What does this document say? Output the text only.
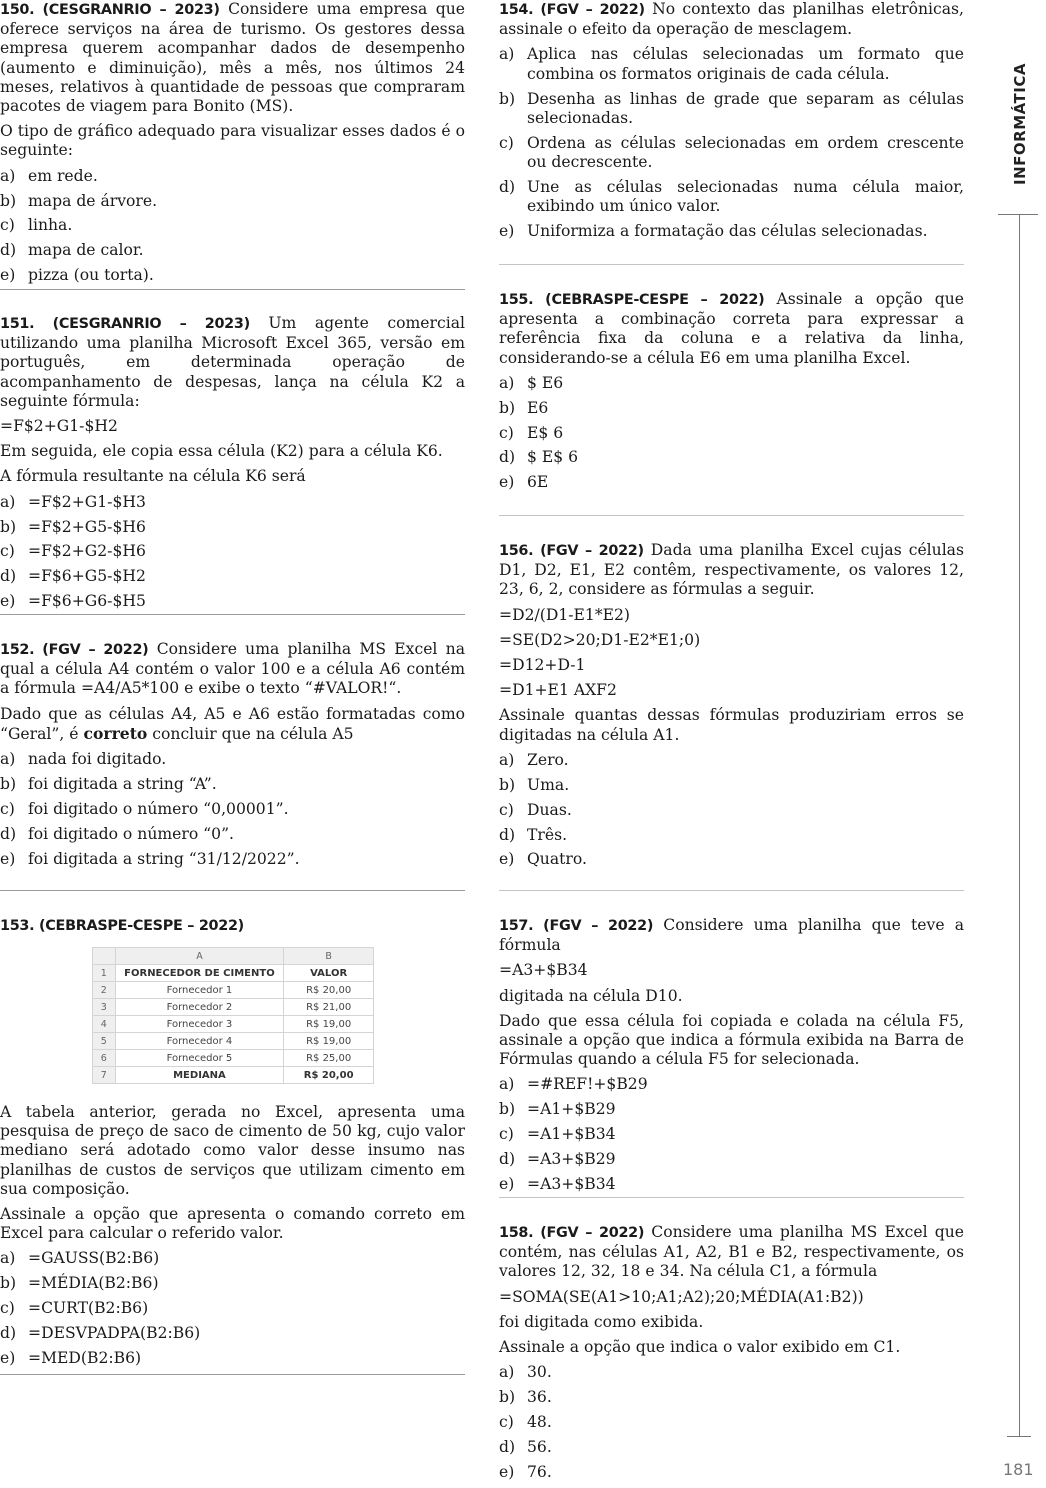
INFORMÁTICA
181

150. (CESGRANRIO – 2023) Considere uma empresa que oferece serviços na área de turismo. Os gestores dessa empresa querem acompanhar dados de desempenho (aumento e diminuição), mês a mês, nos últimos 24 meses, relativos à quantidade de pessoas que compraram pacotes de viagem para Bonito (MS).

O tipo de gráfico adequado para visualizar esses dados é o seguinte:

a) em rede.
b) mapa de árvore.
c) linha.
d) mapa de calor.
e) pizza (ou torta).

151. (CESGRANRIO – 2023) Um agente comercial utilizando uma planilha Microsoft Excel 365, versão em português, em determinada operação de acompanhamento de despesas, lança na célula K2 a seguinte fórmula:

=F$2+G1-$H2

Em seguida, ele copia essa célula (K2) para a célula K6.

A fórmula resultante na célula K6 será

a) =F$2+G1-$H3
b) =F$2+G5-$H6
c) =F$2+G2-$H6
d) =F$6+G5-$H2
e) =F$6+G6-$H5

152. (FGV – 2022) Considere uma planilha MS Excel na qual a célula A4 contém o valor 100 e a célula A6 contém a fórmula =A4/A5*100 e exibe o texto “#VALOR!“.

Dado que as células A4, A5 e A6 estão formatadas como “Geral”, é correto concluir que na célula A5

a) nada foi digitado.
b) foi digitada a string “A”.
c) foi digitado o número “0,00001”.
d) foi digitado o número “0”.
e) foi digitada a string “31/12/2022”.

153. (CEBRASPE-CESPE – 2022)

	A	B
1	FORNECEDOR DE CIMENTO	VALOR
2	Fornecedor 1	R$ 20,00
3	Fornecedor 2	R$ 21,00
4	Fornecedor 3	R$ 19,00
5	Fornecedor 4	R$ 19,00
6	Fornecedor 5	R$ 25,00
7	MEDIANA	R$ 20,00

A tabela anterior, gerada no Excel, apresenta uma pesquisa de preço de saco de cimento de 50 kg, cujo valor mediano será adotado como valor desse insumo nas planilhas de custos de serviços que utilizam cimento em sua composição.

Assinale a opção que apresenta o comando correto em Excel para calcular o referido valor.

a) =GAUSS(B2:B6)
b) =MÉDIA(B2:B6)
c) =CURT(B2:B6)
d) =DESVPADPA(B2:B6)
e) =MED(B2:B6)

154. (FGV – 2022) No contexto das planilhas eletrônicas, assinale o efeito da operação de mesclagem.

a) Aplica nas células selecionadas um formato que combina os formatos originais de cada célula.
b) Desenha as linhas de grade que separam as células selecionadas.
c) Ordena as células selecionadas em ordem crescente ou decrescente.
d) Une as células selecionadas numa célula maior, exibindo um único valor.
e) Uniformiza a formatação das células selecionadas.

155. (CEBRASPE-CESPE – 2022) Assinale a opção que apresenta a combinação correta para expressar a referência fixa da coluna e a relativa da linha, considerando-se a célula E6 em uma planilha Excel.

a) $ E6
b) E6
c) E$ 6
d) $ E$ 6
e) 6E

156. (FGV – 2022) Dada uma planilha Excel cujas células D1, D2, E1, E2 contêm, respectivamente, os valores 12, 23, 6, 2, considere as fórmulas a seguir.

=D2/(D1-E1*E2)

=SE(D2>20;D1-E2*E1;0)

=D12+D-1

=D1+E1 AXF2

Assinale quantas dessas fórmulas produziriam erros se digitadas na célula A1.

a) Zero.
b) Uma.
c) Duas.
d) Três.
e) Quatro.

157. (FGV – 2022) Considere uma planilha que teve a fórmula

=A3+$B34

digitada na célula D10.

Dado que essa célula foi copiada e colada na célula F5, assinale a opção que indica a fórmula exibida na Barra de Fórmulas quando a célula F5 for selecionada.

a) =#REF!+$B29
b) =A1+$B29
c) =A1+$B34
d) =A3+$B29
e) =A3+$B34

158. (FGV – 2022) Considere uma planilha MS Excel que contém, nas células A1, A2, B1 e B2, respectivamente, os valores 12, 32, 18 e 34. Na célula C1, a fórmula

=SOMA(SE(A1>10;A1;A2);20;MÉDIA(A1:B2))

foi digitada como exibida.

Assinale a opção que indica o valor exibido em C1.

a) 30.
b) 36.
c) 48.
d) 56.
e) 76.
